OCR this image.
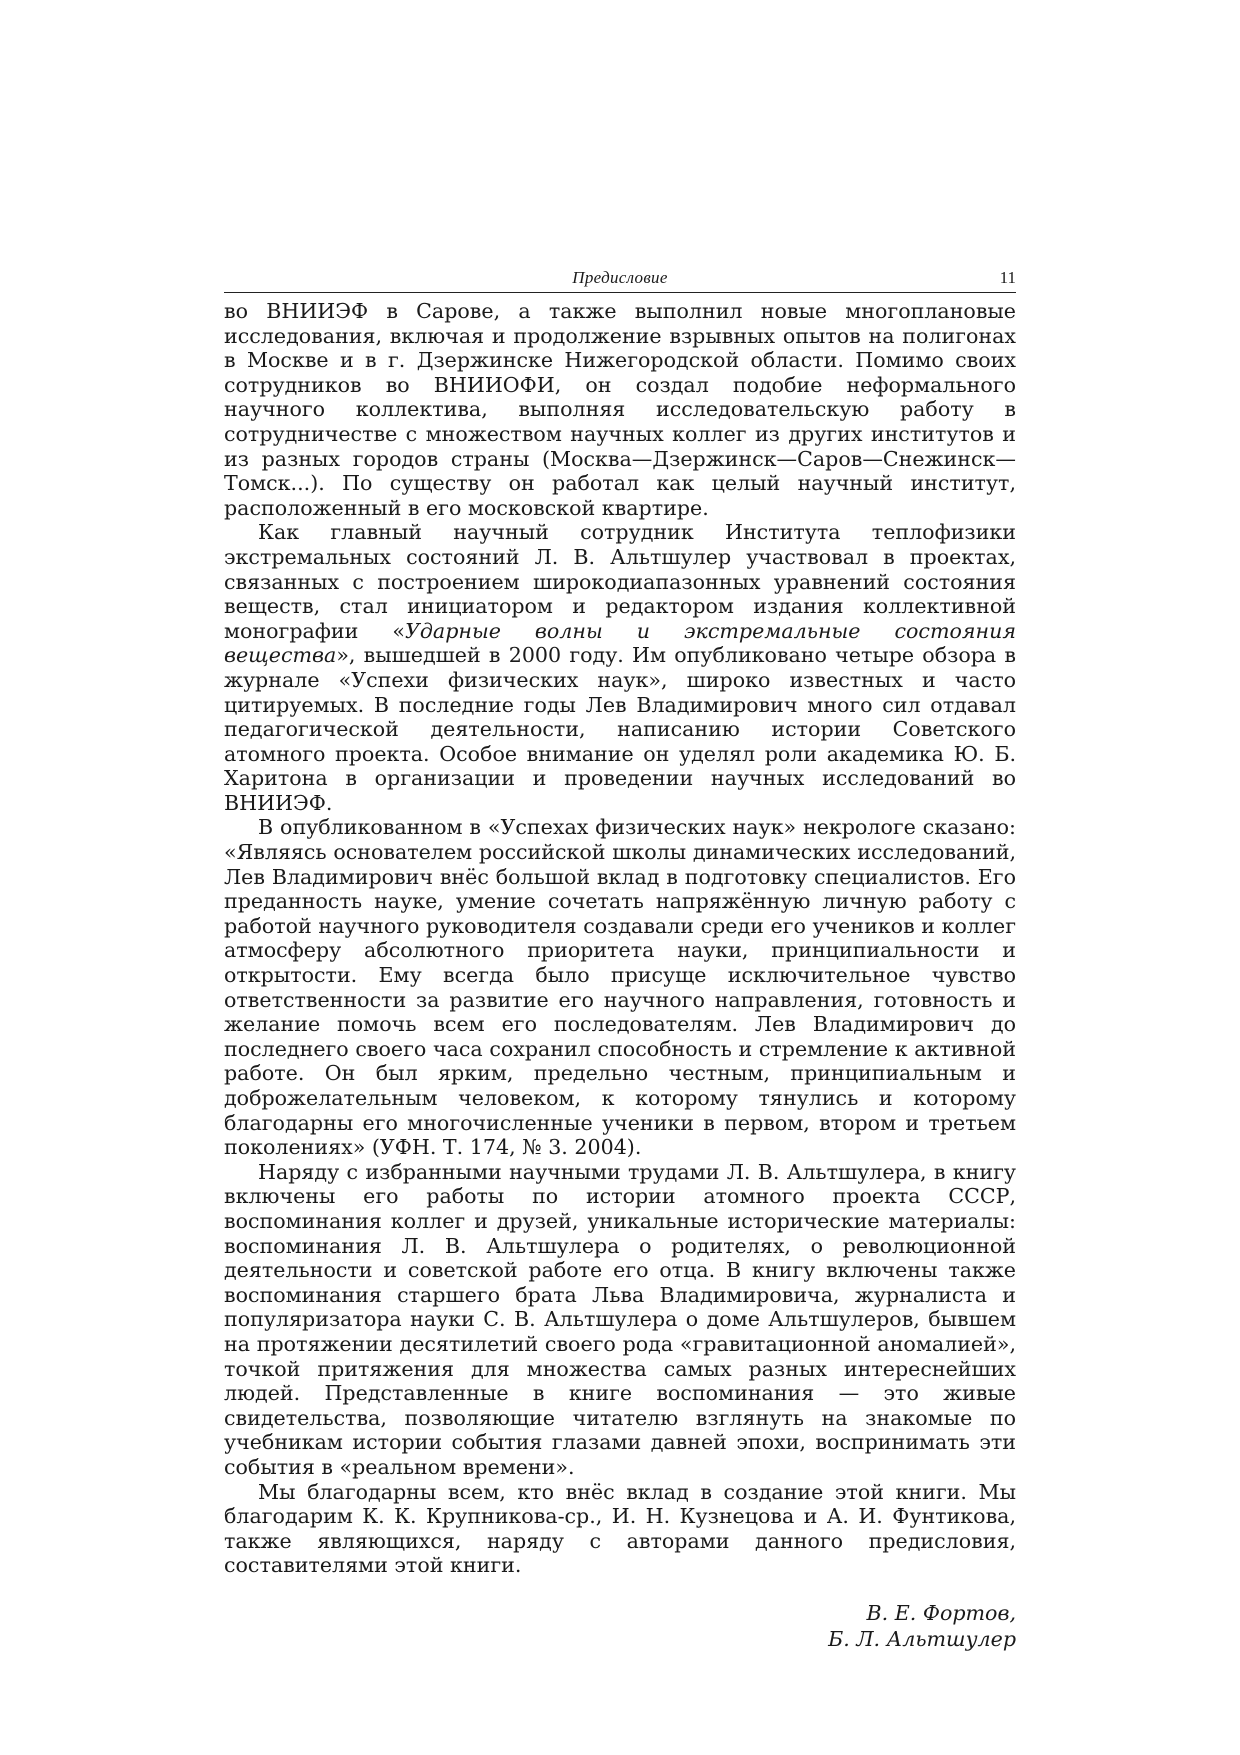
Предисловие	11

во ВНИИЭФ в Сарове, а также выполнил новые многоплановые исследования, включая и продолжение взрывных опытов на полигонах в Москве и в г. Дзержинске Нижегородской области. Помимо своих сотрудников во ВНИИОФИ, он создал подобие неформального научного коллектива, выполняя исследовательскую работу в сотрудничестве с множеством научных коллег из других институтов и из разных городов страны (Москва—Дзержинск—Саров—Снежинск—Томск...). По существу он работал как целый научный институт, расположенный в его московской квартире.

Как главный научный сотрудник Института теплофизики экстремальных состояний Л. В. Альтшулер участвовал в проектах, связанных с построением широкодиапазонных уравнений состояния веществ, стал инициатором и редактором издания коллективной монографии «Ударные волны и экстремальные состояния вещества», вышедшей в 2000 году. Им опубликовано четыре обзора в журнале «Успехи физических наук», широко известных и часто цитируемых. В последние годы Лев Владимирович много сил отдавал педагогической деятельности, написанию истории Советского атомного проекта. Особое внимание он уделял роли академика Ю. Б. Харитона в организации и проведении научных исследований во ВНИИЭФ.

В опубликованном в «Успехах физических наук» некрологе сказано: «Являясь основателем российской школы динамических исследований, Лев Владимирович внёс большой вклад в подготовку специалистов. Его преданность науке, умение сочетать напряжённую личную работу с работой научного руководителя создавали среди его учеников и коллег атмосферу абсолютного приоритета науки, принципиальности и открытости. Ему всегда было присуще исключительное чувство ответственности за развитие его научного направления, готовность и желание помочь всем его последователям. Лев Владимирович до последнего своего часа сохранил способность и стремление к активной работе. Он был ярким, предельно честным, принципиальным и доброжелательным человеком, к которому тянулись и которому благодарны его многочисленные ученики в первом, втором и третьем поколениях» (УФН. Т. 174, № 3. 2004).

Наряду с избранными научными трудами Л. В. Альтшулера, в книгу включены его работы по истории атомного проекта СССР, воспоминания коллег и друзей, уникальные исторические материалы: воспоминания Л. В. Альтшулера о родителях, о революционной деятельности и советской работе его отца. В книгу включены также воспоминания старшего брата Льва Владимировича, журналиста и популяризатора науки С. В. Альтшулера о доме Альтшулеров, бывшем на протяжении десятилетий своего рода «гравитационной аномалией», точкой притяжения для множества самых разных интереснейших людей. Представленные в книге воспоминания — это живые свидетельства, позволяющие читателю взглянуть на знакомые по учебникам истории события глазами давней эпохи, воспринимать эти события в «реальном времени».

Мы благодарны всем, кто внёс вклад в создание этой книги. Мы благодарим К. К. Крупникова-ср., И. Н. Кузнецова и А. И. Фунтикова, также являющихся, наряду с авторами данного предисловия, составителями этой книги.

В. Е. Фортов,
Б. Л. Альтшулер
